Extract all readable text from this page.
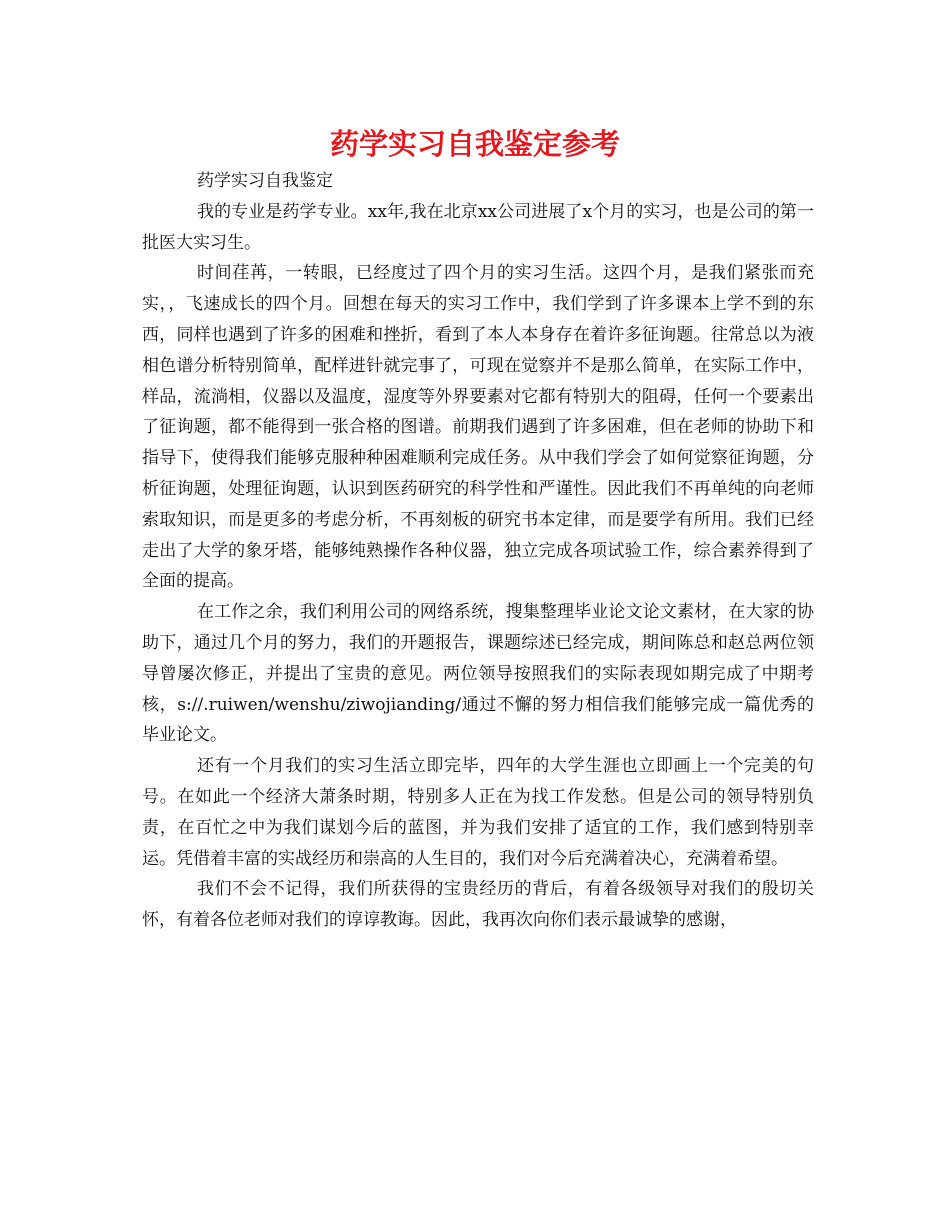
药学实习自我鉴定参考

药学实习自我鉴定

我的专业是药学专业。xx年,我在北京xx公司进展了x个月的实习，也是公司的第一批医大实习生。

时间荏苒，一转眼，已经度过了四个月的实习生活。这四个月，是我们紧张而充实，，飞速成长的四个月。回想在每天的实习工作中，我们学到了许多课本上学不到的东西，同样也遇到了许多的困难和挫折，看到了本人本身存在着许多征询题。往常总以为液相色谱分析特别简单，配样进针就完事了，可现在觉察并不是那么简单，在实际工作中，样品，流淌相，仪器以及温度，湿度等外界要素对它都有特别大的阻碍，任何一个要素出了征询题，都不能得到一张合格的图谱。前期我们遇到了许多困难，但在老师的协助下和指导下，使得我们能够克服种种困难顺利完成任务。从中我们学会了如何觉察征询题，分析征询题，处理征询题，认识到医药研究的科学性和严谨性。因此我们不再单纯的向老师索取知识，而是更多的考虑分析，不再刻板的研究书本定律，而是要学有所用。我们已经走出了大学的象牙塔，能够纯熟操作各种仪器，独立完成各项试验工作，综合素养得到了全面的提高。

在工作之余，我们利用公司的网络系统，搜集整理毕业论文论文素材，在大家的协助下，通过几个月的努力，我们的开题报告，课题综述已经完成，期间陈总和赵总两位领导曾屡次修正，并提出了宝贵的意见。两位领导按照我们的实际表现如期完成了中期考核，s://.ruiwen/wenshu/ziwojianding/通过不懈的努力相信我们能够完成一篇优秀的毕业论文。

还有一个月我们的实习生活立即完毕，四年的大学生涯也立即画上一个完美的句号。在如此一个经济大萧条时期，特别多人正在为找工作发愁。但是公司的领导特别负责，在百忙之中为我们谋划今后的蓝图，并为我们安排了适宜的工作，我们感到特别幸运。凭借着丰富的实战经历和崇高的人生目的，我们对今后充满着决心，充满着希望。

我们不会不记得，我们所获得的宝贵经历的背后，有着各级领导对我们的殷切关怀，有着各位老师对我们的谆谆教诲。因此，我再次向你们表示最诚挚的感谢，
